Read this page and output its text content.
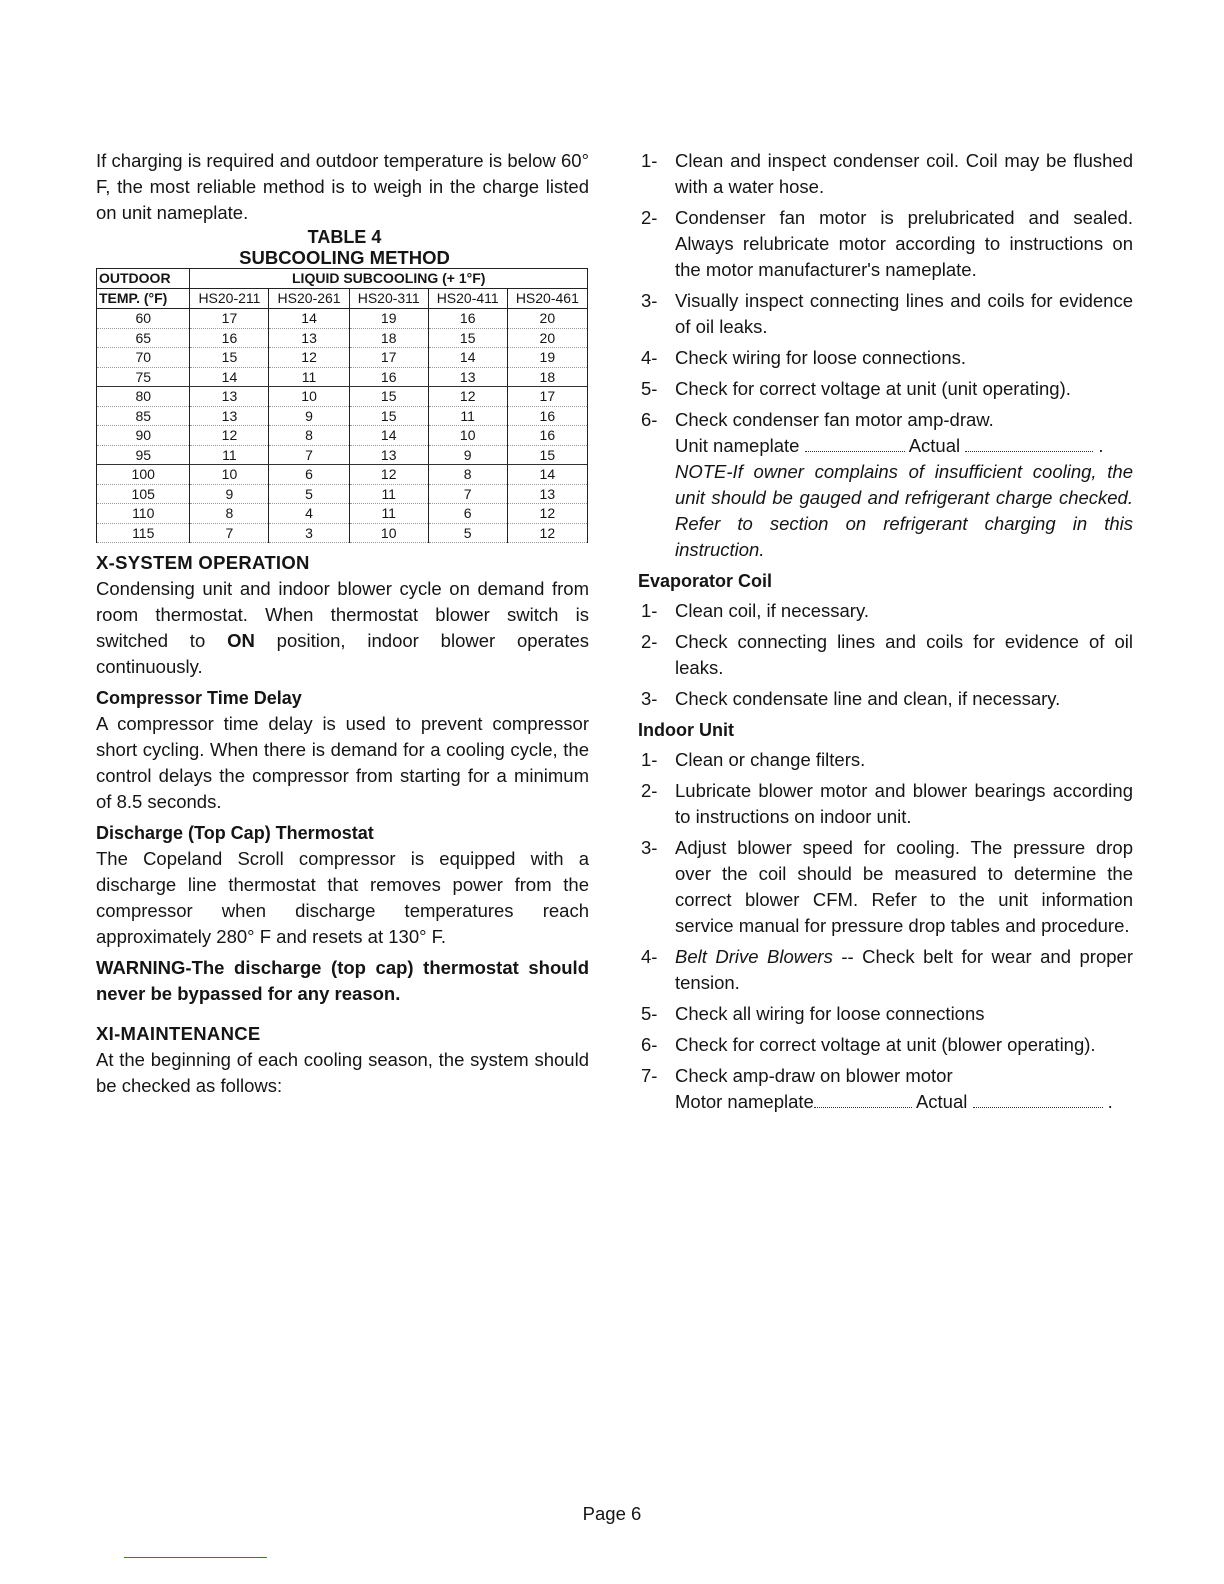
If charging is required and outdoor temperature is below 60° F, the most reliable method is to weigh in the charge listed on unit nameplate.

TABLE 4
SUBCOOLING METHOD
OUTDOOR	LIQUID SUBCOOLING (+ 1°F)				
TEMP. (°F)	HS20-211	HS20-261	HS20-311	HS20-411	HS20-461
60	17	14	19	16	20
65	16	13	18	15	20
70	15	12	17	14	19
75	14	11	16	13	18
80	13	10	15	12	17
85	13	9	15	11	16
90	12	8	14	10	16
95	11	7	13	9	15
100	10	6	12	8	14
105	9	5	11	7	13
110	8	4	11	6	12
115	7	3	10	5	12
X-SYSTEM OPERATION

Condensing unit and indoor blower cycle on demand from room thermostat. When thermostat blower switch is switched to ON position, indoor blower operates continuously.

Compressor Time Delay

A compressor time delay is used to prevent compressor short cycling. When there is demand for a cooling cycle, the control delays the compressor from starting for a minimum of 8.5 seconds.

Discharge (Top Cap) Thermostat

The Copeland Scroll compressor is equipped with a discharge line thermostat that removes power from the compressor when discharge temperatures reach approximately 280° F and resets at 130° F.

WARNING-The discharge (top cap) thermostat should never be bypassed for any reason.
XI-MAINTENANCE

At the beginning of each cooling season, the system should be checked as follows:

1- Clean and inspect condenser coil. Coil may be flushed with a water hose.
2- Condenser fan motor is prelubricated and sealed. Always relubricate motor according to instructions on the motor manufacturer's nameplate.
3- Visually inspect connecting lines and coils for evidence of oil leaks.
4- Check wiring for loose connections.
5- Check for correct voltage at unit (unit operating).
6- Check condenser fan motor amp-draw.
Unit nameplate	Actual	.
NOTE-If owner complains of insufficient cooling, the unit should be gauged and refrigerant charge checked. Refer to section on refrigerant charging in this instruction.
Evaporator Coil
1- Clean coil, if necessary.
2- Check connecting lines and coils for evidence of oil leaks.
3- Check condensate line and clean, if necessary.
Indoor Unit
1- Clean or change filters.
2- Lubricate blower motor and blower bearings according to instructions on indoor unit.
3- Adjust blower speed for cooling. The pressure drop over the coil should be measured to determine the correct blower CFM. Refer to the unit information service manual for pressure drop tables and procedure.
4- Belt Drive Blowers -- Check belt for wear and proper tension.
5- Check all wiring for loose connections
6- Check for correct voltage at unit (blower operating).
7- Check amp-draw on blower motor
Motor nameplate	Actual	.
Page 6
